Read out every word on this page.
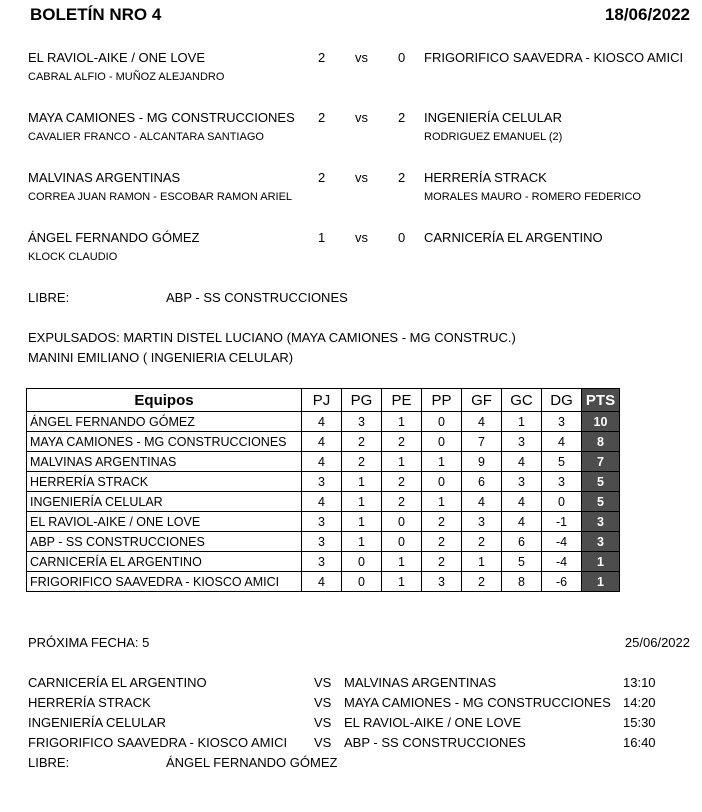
BOLETÍN NRO 4	18/06/2022
EL RAVIOL-AIKE / ONE LOVE	2 vs 0 FRIGORIFICO SAAVEDRA - KIOSCO AMICI
CABRAL ALFIO - MUÑOZ ALEJANDRO
MAYA CAMIONES - MG CONSTRUCCIONES 2 vs 2 INGENIERÍA CELULAR
CAVALIER FRANCO - ALCANTARA SANTIAGO	RODRIGUEZ EMANUEL (2)
MALVINAS ARGENTINAS	2 vs 2 HERRERÍA STRACK
CORREA JUAN RAMON - ESCOBAR RAMON ARIEL	MORALES MAURO - ROMERO FEDERICO
ÁNGEL FERNANDO GÓMEZ	1 vs 0 CARNICERÍA EL ARGENTINO
KLOCK CLAUDIO
LIBRE:	ABP - SS CONSTRUCCIONES
EXPULSADOS: MARTIN DISTEL LUCIANO (MAYA CAMIONES - MG CONSTRUC.)
MANINI EMILIANO ( INGENIERIA CELULAR)
Equipos	PJ	PG	PE	PP	GF	GC	DG	PTS
ÁNGEL FERNANDO GÓMEZ	4	3	1	0	4	1	3	10
MAYA CAMIONES - MG CONSTRUCCIONES	4	2	2	0	7	3	4	8
MALVINAS ARGENTINAS	4	2	1	1	9	4	5	7
HERRERÍA STRACK	3	1	2	0	6	3	3	5
INGENIERÍA CELULAR	4	1	2	1	4	4	0	5
EL RAVIOL-AIKE / ONE LOVE	3	1	0	2	3	4	-1	3
ABP - SS CONSTRUCCIONES	3	1	0	2	2	6	-4	3
CARNICERÍA EL ARGENTINO	3	0	1	2	1	5	-4	1
FRIGORIFICO SAAVEDRA - KIOSCO AMICI	4	0	1	3	2	8	-6	1
PRÓXIMA FECHA: 5	25/06/2022
CARNICERÍA EL ARGENTINO	VS MALVINAS ARGENTINAS	13:10
HERRERÍA STRACK	VS MAYA CAMIONES - MG CONSTRUCCIONES 14:20
INGENIERÍA CELULAR	VS EL RAVIOL-AIKE / ONE LOVE	15:30
FRIGORIFICO SAAVEDRA - KIOSCO AMICI VS ABP - SS CONSTRUCCIONES	16:40
LIBRE:	ÁNGEL FERNANDO GÓMEZ
